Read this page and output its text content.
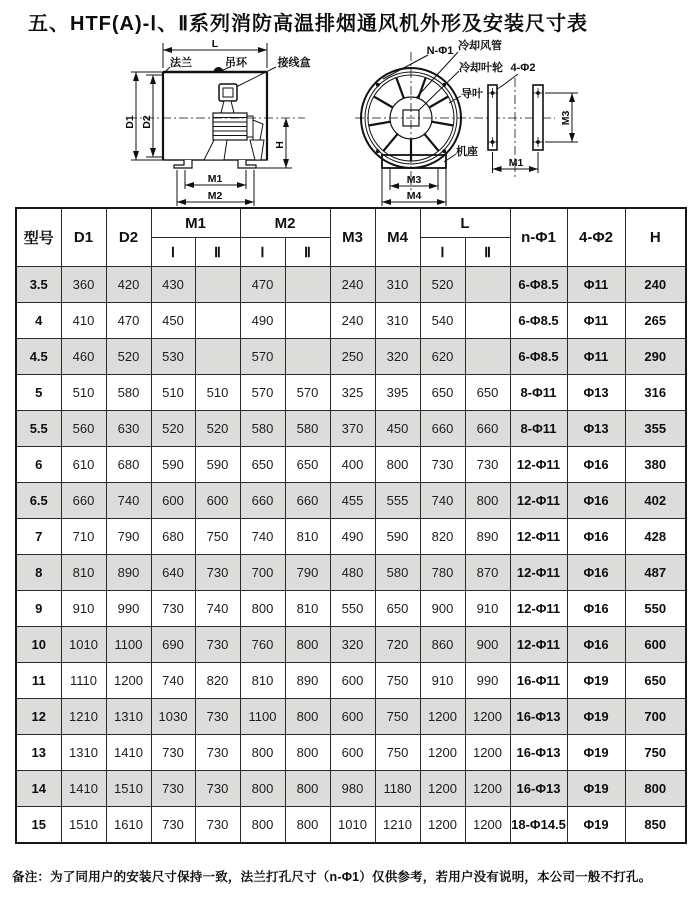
五、HTF(A)-Ⅰ、Ⅱ系列消防高温排烟通风机外形及安装尺寸表
L
法兰	吊环	接线盒
D1 D2
H
M1
M2
N-Φ1 冷却风管
冷却叶轮 4-Φ2
导叶
机座
M3
M4
M1
M3
型号	D1	D2	M1		M2		M3	M4	L		n-Φ1	4-Φ2	H
			Ⅰ	Ⅱ	Ⅰ	Ⅱ			Ⅰ	Ⅱ			
3.5	360	420	430		470		240	310	520		6-Φ8.5	Φ11	240
4	410	470	450		490		240	310	540		6-Φ8.5	Φ11	265
4.5	460	520	530		570		250	320	620		6-Φ8.5	Φ11	290
5	510	580	510	510	570	570	325	395	650	650	8-Φ11	Φ13	316
5.5	560	630	520	520	580	580	370	450	660	660	8-Φ11	Φ13	355
6	610	680	590	590	650	650	400	800	730	730	12-Φ11	Φ16	380
6.5	660	740	600	600	660	660	455	555	740	800	12-Φ11	Φ16	402
7	710	790	680	750	740	810	490	590	820	890	12-Φ11	Φ16	428
8	810	890	640	730	700	790	480	580	780	870	12-Φ11	Φ16	487
9	910	990	730	740	800	810	550	650	900	910	12-Φ11	Φ16	550
10	1010	1100	690	730	760	800	320	720	860	900	12-Φ11	Φ16	600
11	1110	1200	740	820	810	890	600	750	910	990	16-Φ11	Φ19	650
12	1210	1310	1030	730	1100	800	600	750	1200	1200	16-Φ13	Φ19	700
13	1310	1410	730	730	800	800	600	750	1200	1200	16-Φ13	Φ19	750
14	1410	1510	730	730	800	800	980	1180	1200	1200	16-Φ13	Φ19	800
15	1510	1610	730	730	800	800	1010	1210	1200	1200	18-Φ14.5	Φ19	850
备注：为了同用户的安装尺寸保持一致，法兰打孔尺寸（n-Φ1）仅供参考，若用户没有说明，本公司一般不打孔。
